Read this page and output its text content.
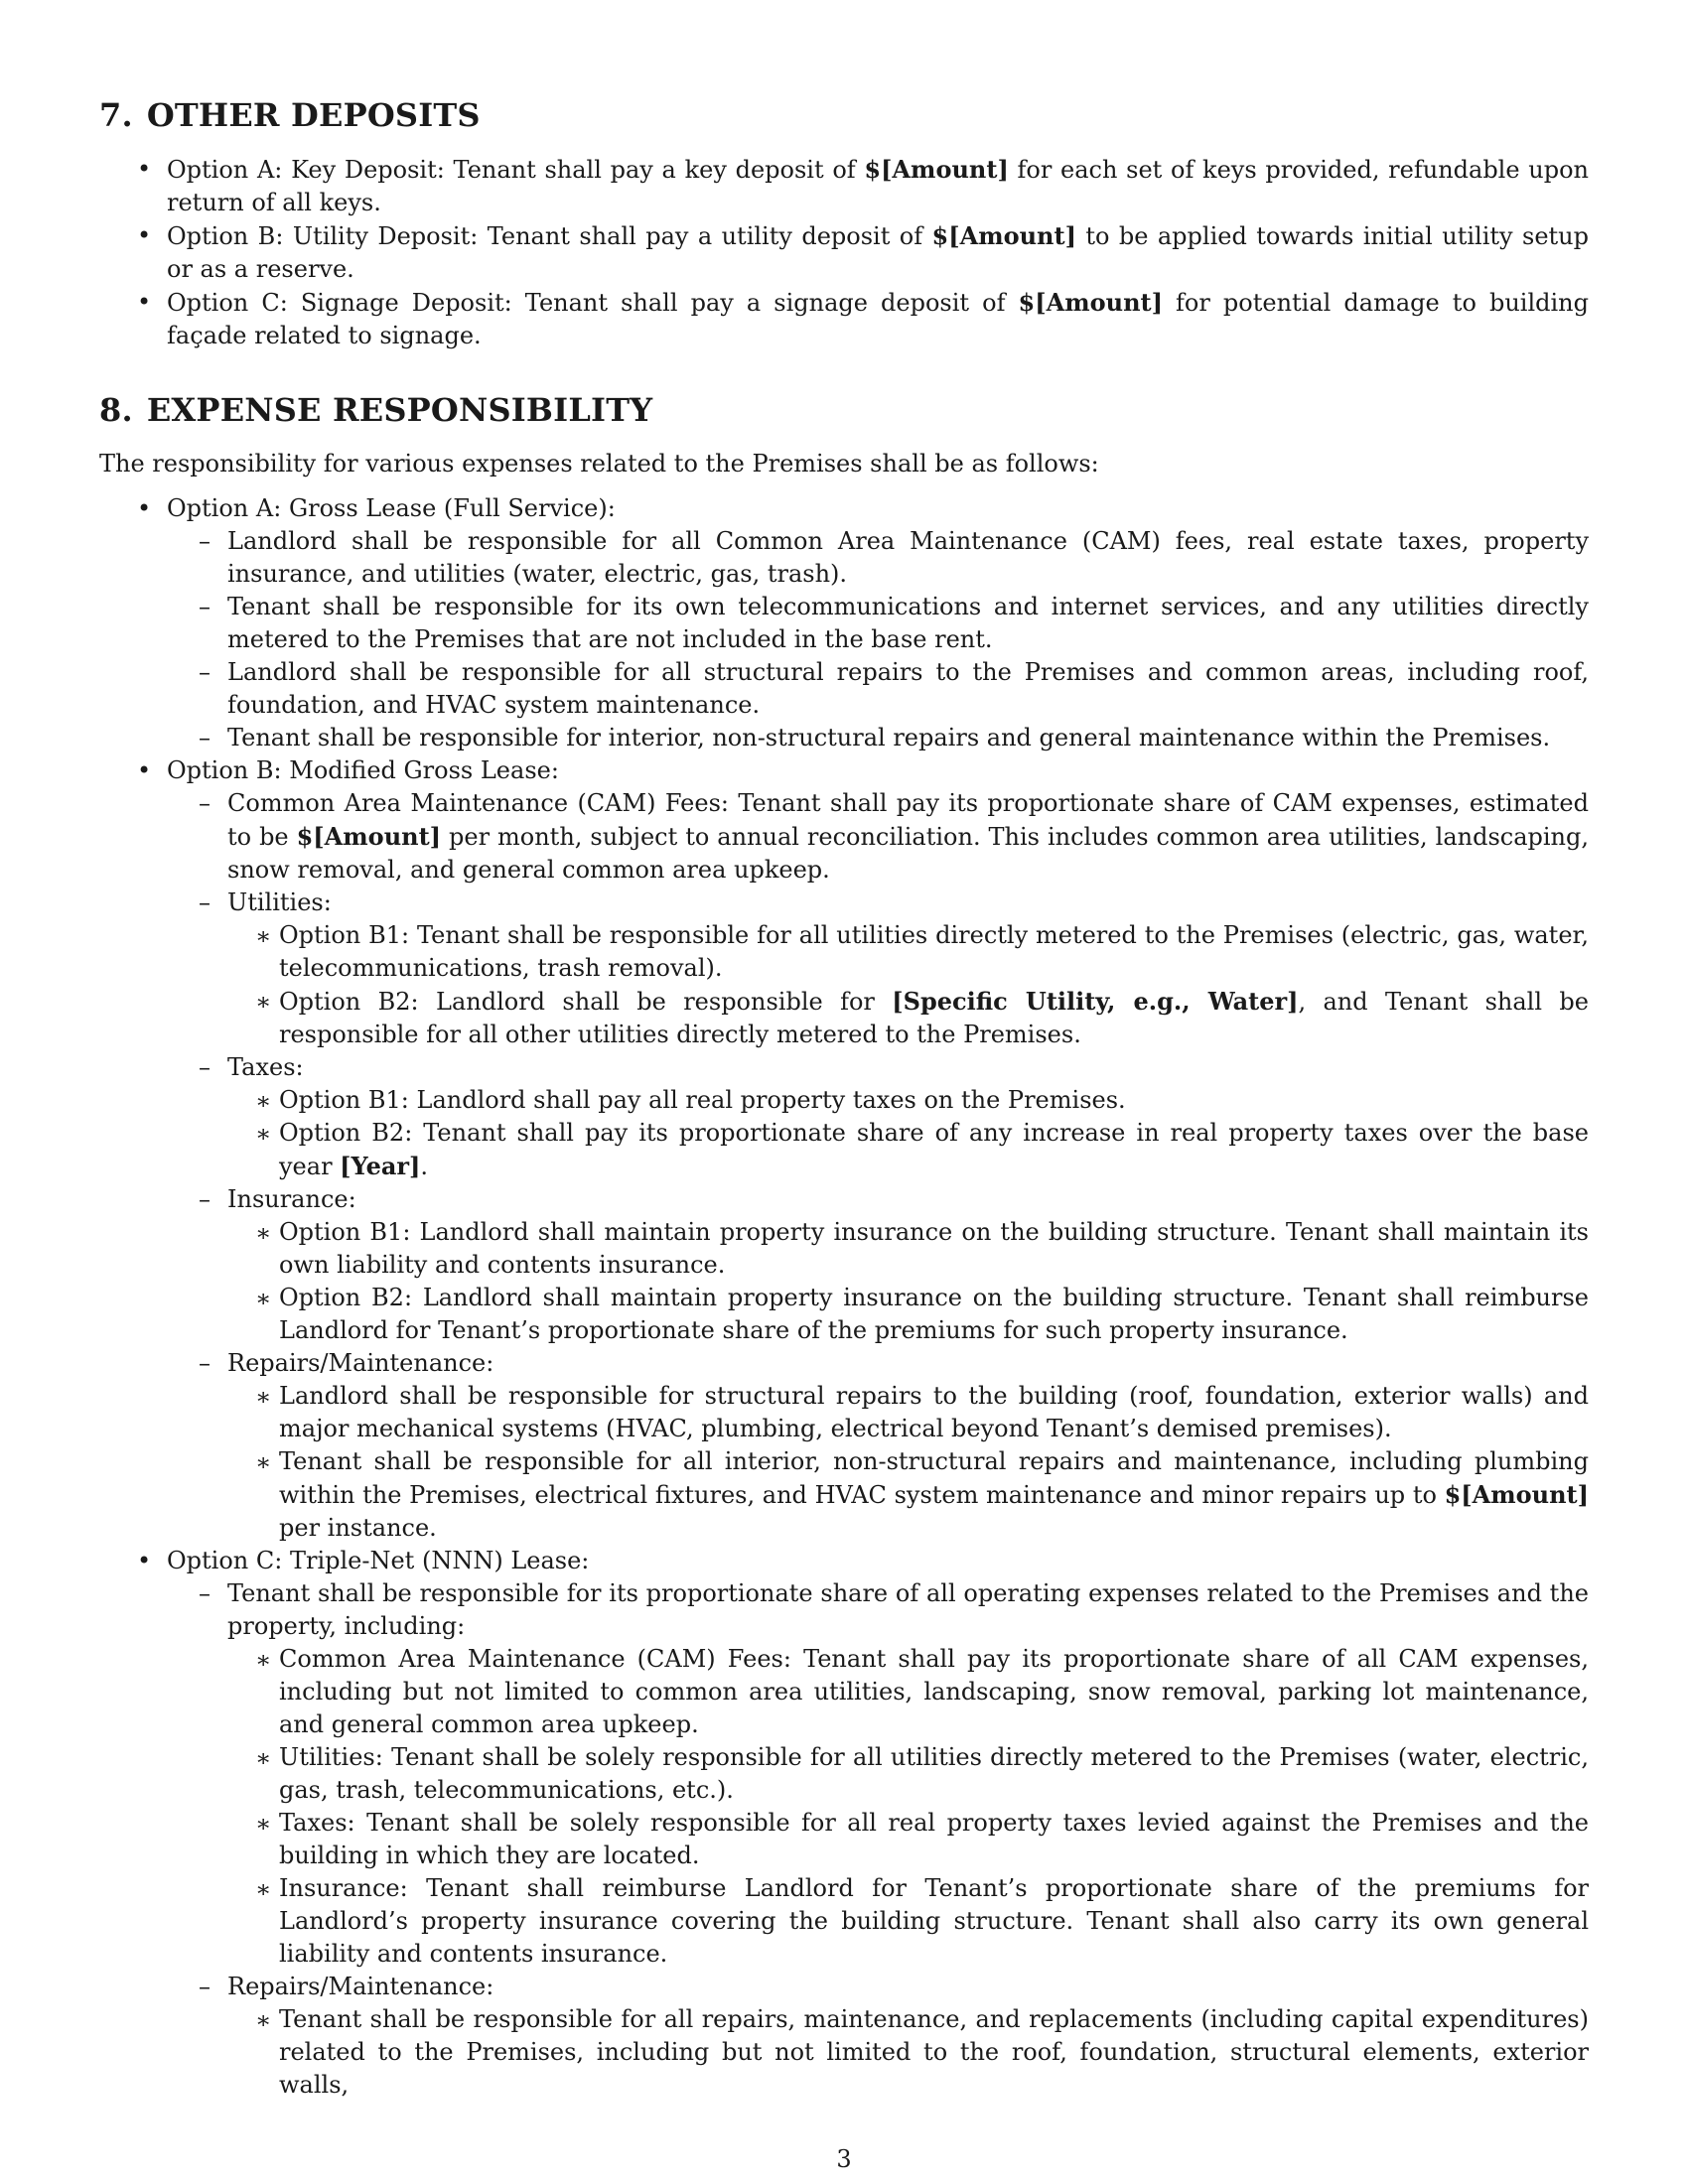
7. OTHER DEPOSITS
• Option A: Key Deposit: Tenant shall pay a key deposit of $[Amount] for each set of keys provided, refundable upon return of all keys.
• Option B: Utility Deposit: Tenant shall pay a utility deposit of $[Amount] to be applied towards initial utility setup or as a reserve.
• Option C: Signage Deposit: Tenant shall pay a signage deposit of $[Amount] for potential damage to building façade related to signage.
8. EXPENSE RESPONSIBILITY

The responsibility for various expenses related to the Premises shall be as follows:

• Option A: Gross Lease (Full Service):
– Landlord shall be responsible for all Common Area Maintenance (CAM) fees, real estate taxes, property insurance, and utilities (water, electric, gas, trash).
– Tenant shall be responsible for its own telecommunications and internet services, and any utilities directly metered to the Premises that are not included in the base rent.
– Landlord shall be responsible for all structural repairs to the Premises and common areas, including roof, foundation, and HVAC system maintenance.
– Tenant shall be responsible for interior, non-structural repairs and general maintenance within the Premises.
• Option B: Modified Gross Lease:
– Common Area Maintenance (CAM) Fees: Tenant shall pay its proportionate share of CAM expenses, estimated to be $[Amount] per month, subject to annual reconciliation. This includes common area utilities, landscaping, snow removal, and general common area upkeep.
– Utilities:
∗ Option B1: Tenant shall be responsible for all utilities directly metered to the Premises (electric, gas, water, telecommunications, trash removal).
∗ Option B2: Landlord shall be responsible for [Specific Utility, e.g., Water], and Tenant shall be responsible for all other utilities directly metered to the Premises.
– Taxes:
∗ Option B1: Landlord shall pay all real property taxes on the Premises.
∗ Option B2: Tenant shall pay its proportionate share of any increase in real property taxes over the base year [Year].
– Insurance:
∗ Option B1: Landlord shall maintain property insurance on the building structure. Tenant shall maintain its own liability and contents insurance.
∗ Option B2: Landlord shall maintain property insurance on the building structure. Tenant shall reimburse Landlord for Tenant’s proportionate share of the premiums for such property insurance.
– Repairs/Maintenance:
∗ Landlord shall be responsible for structural repairs to the building (roof, foundation, exterior walls) and major mechanical systems (HVAC, plumbing, electrical beyond Tenant’s demised premises).
∗ Tenant shall be responsible for all interior, non-structural repairs and maintenance, including plumbing within the Premises, electrical fixtures, and HVAC system maintenance and minor repairs up to $[Amount] per instance.
• Option C: Triple-Net (NNN) Lease:
– Tenant shall be responsible for its proportionate share of all operating expenses related to the Premises and the property, including:
∗ Common Area Maintenance (CAM) Fees: Tenant shall pay its proportionate share of all CAM expenses, including but not limited to common area utilities, landscaping, snow removal, parking lot maintenance, and general common area upkeep.
∗ Utilities: Tenant shall be solely responsible for all utilities directly metered to the Premises (water, electric, gas, trash, telecommunications, etc.).
∗ Taxes: Tenant shall be solely responsible for all real property taxes levied against the Premises and the building in which they are located.
∗ Insurance: Tenant shall reimburse Landlord for Tenant’s proportionate share of the premiums for Landlord’s property insurance covering the building structure. Tenant shall also carry its own general liability and contents insurance.
– Repairs/Maintenance:
∗ Tenant shall be responsible for all repairs, maintenance, and replacements (including capital expenditures) related to the Premises, including but not limited to the roof, foundation, structural elements, exterior walls,
3
